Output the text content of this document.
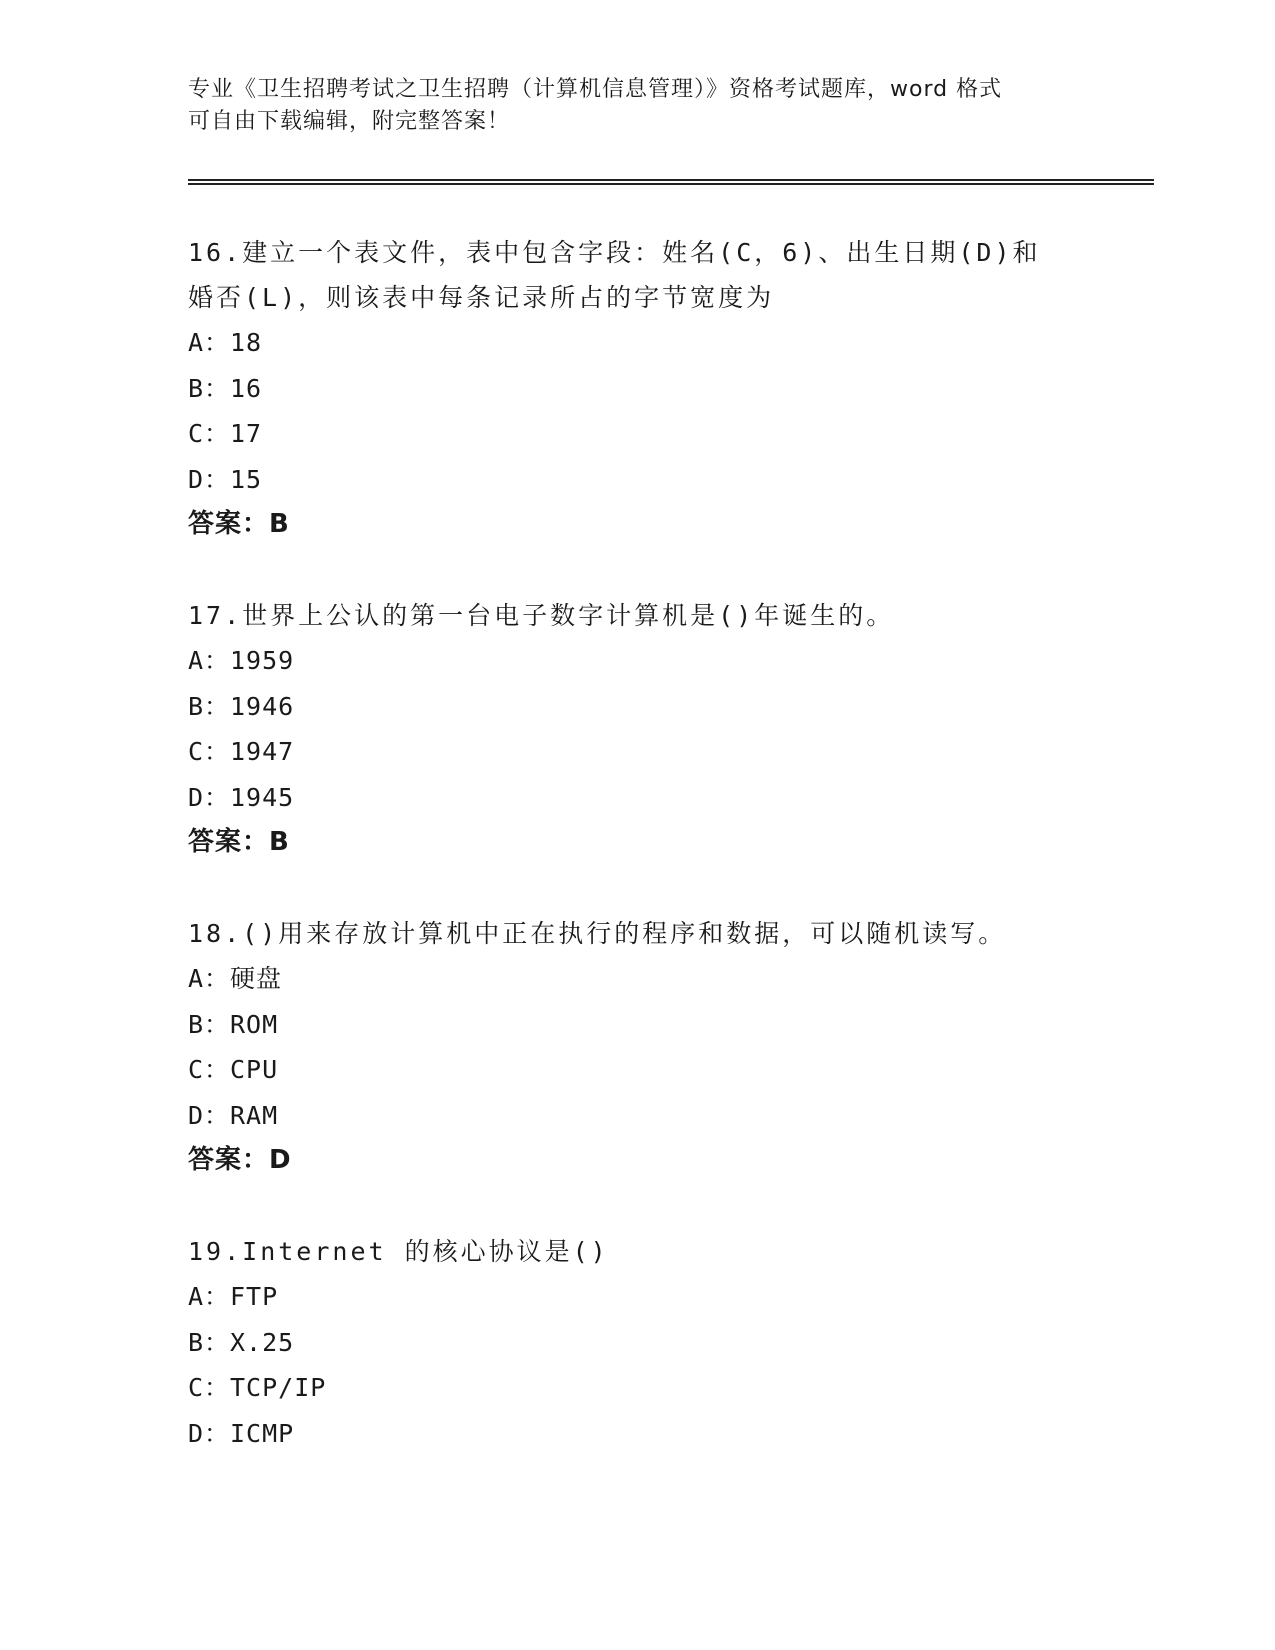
专业《卫生招聘考试之卫生招聘（计算机信息管理）》资格考试题库，word 格式
可自由下载编辑，附完整答案！

16.建立一个表文件，表中包含字段：姓名(C，6)、出生日期(D)和婚否(L)，则该表中每条记录所占的字节宽度为

A： 18
B： 16
C： 17
D： 15

答案：B

17.世界上公认的第一台电子数字计算机是()年诞生的。

A： 1959
B： 1946
C： 1947
D： 1945

答案：B

18.()用来存放计算机中正在执行的程序和数据，可以随机读写。

A： 硬盘
B： ROM
C： CPU
D： RAM

答案：D

19.Internet 的核心协议是()

A： FTP
B： X.25
C： TCP/IP
D： ICMP
